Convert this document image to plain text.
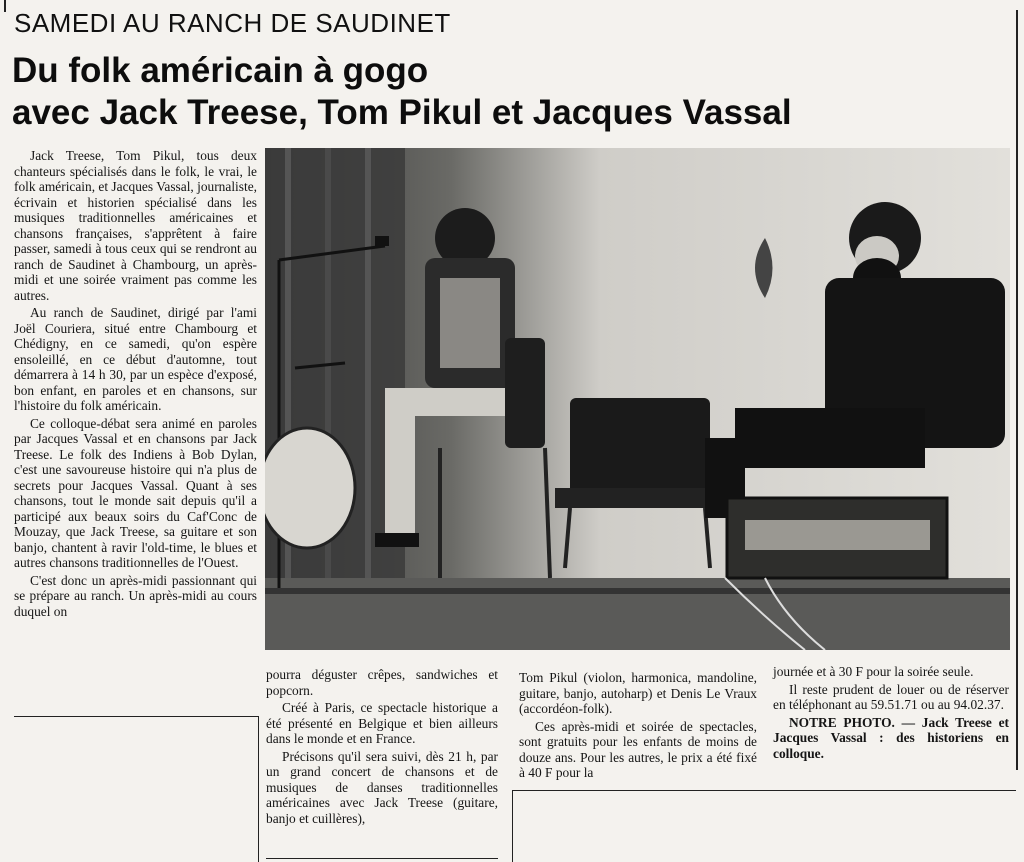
SAMEDI AU RANCH DE SAUDINET
Du folk américain à gogo
avec Jack Treese, Tom Pikul et Jacques Vassal

Jack Treese, Tom Pikul, tous deux chanteurs spécialisés dans le folk, le vrai, le folk américain, et Jacques Vassal, journaliste, écrivain et historien spécialisé dans les musiques traditionnelles américaines et chansons françaises, s'apprêtent à faire passer, samedi à tous ceux qui se rendront au ranch de Saudinet à Chambourg, un après-midi et une soirée vraiment pas comme les autres.

Au ranch de Saudinet, dirigé par l'ami Joël Couriera, situé entre Chambourg et Chédigny, en ce samedi, qu'on espère ensoleillé, en ce début d'automne, tout démarrera à 14 h 30, par un espèce d'exposé, bon enfant, en paroles et en chansons, sur l'histoire du folk américain.

Ce colloque-débat sera animé en paroles par Jacques Vassal et en chansons par Jack Treese. Le folk des Indiens à Bob Dylan, c'est une savoureuse histoire qui n'a plus de secrets pour Jacques Vassal. Quant à ses chansons, tout le monde sait depuis qu'il a participé aux beaux soirs du Caf'Conc de Mouzay, que Jack Treese, sa guitare et son banjo, chantent à ravir l'old-time, le blues et autres chansons traditionnelles de l'Ouest.

C'est donc un après-midi passionnant qui se prépare au ranch. Un après-midi au cours duquel on

pourra déguster crêpes, sandwiches et popcorn.

Créé à Paris, ce spectacle historique a été présenté en Belgique et bien ailleurs dans le monde et en France.

Précisons qu'il sera suivi, dès 21 h, par un grand concert de chansons et de musiques de danses traditionnelles américaines avec Jack Treese (guitare, banjo et cuillères),

Tom Pikul (violon, harmonica, mandoline, guitare, banjo, autoharp) et Denis Le Vraux (accordéon-folk).

Ces après-midi et soirée de spectacles, sont gratuits pour les enfants de moins de douze ans. Pour les autres, le prix a été fixé à 40 F pour la

journée et à 30 F pour la soirée seule.

Il reste prudent de louer ou de réserver en téléphonant au 59.51.71 ou au 94.02.37.

NOTRE PHOTO. — Jack Treese et Jacques Vassal : des historiens en colloque.
